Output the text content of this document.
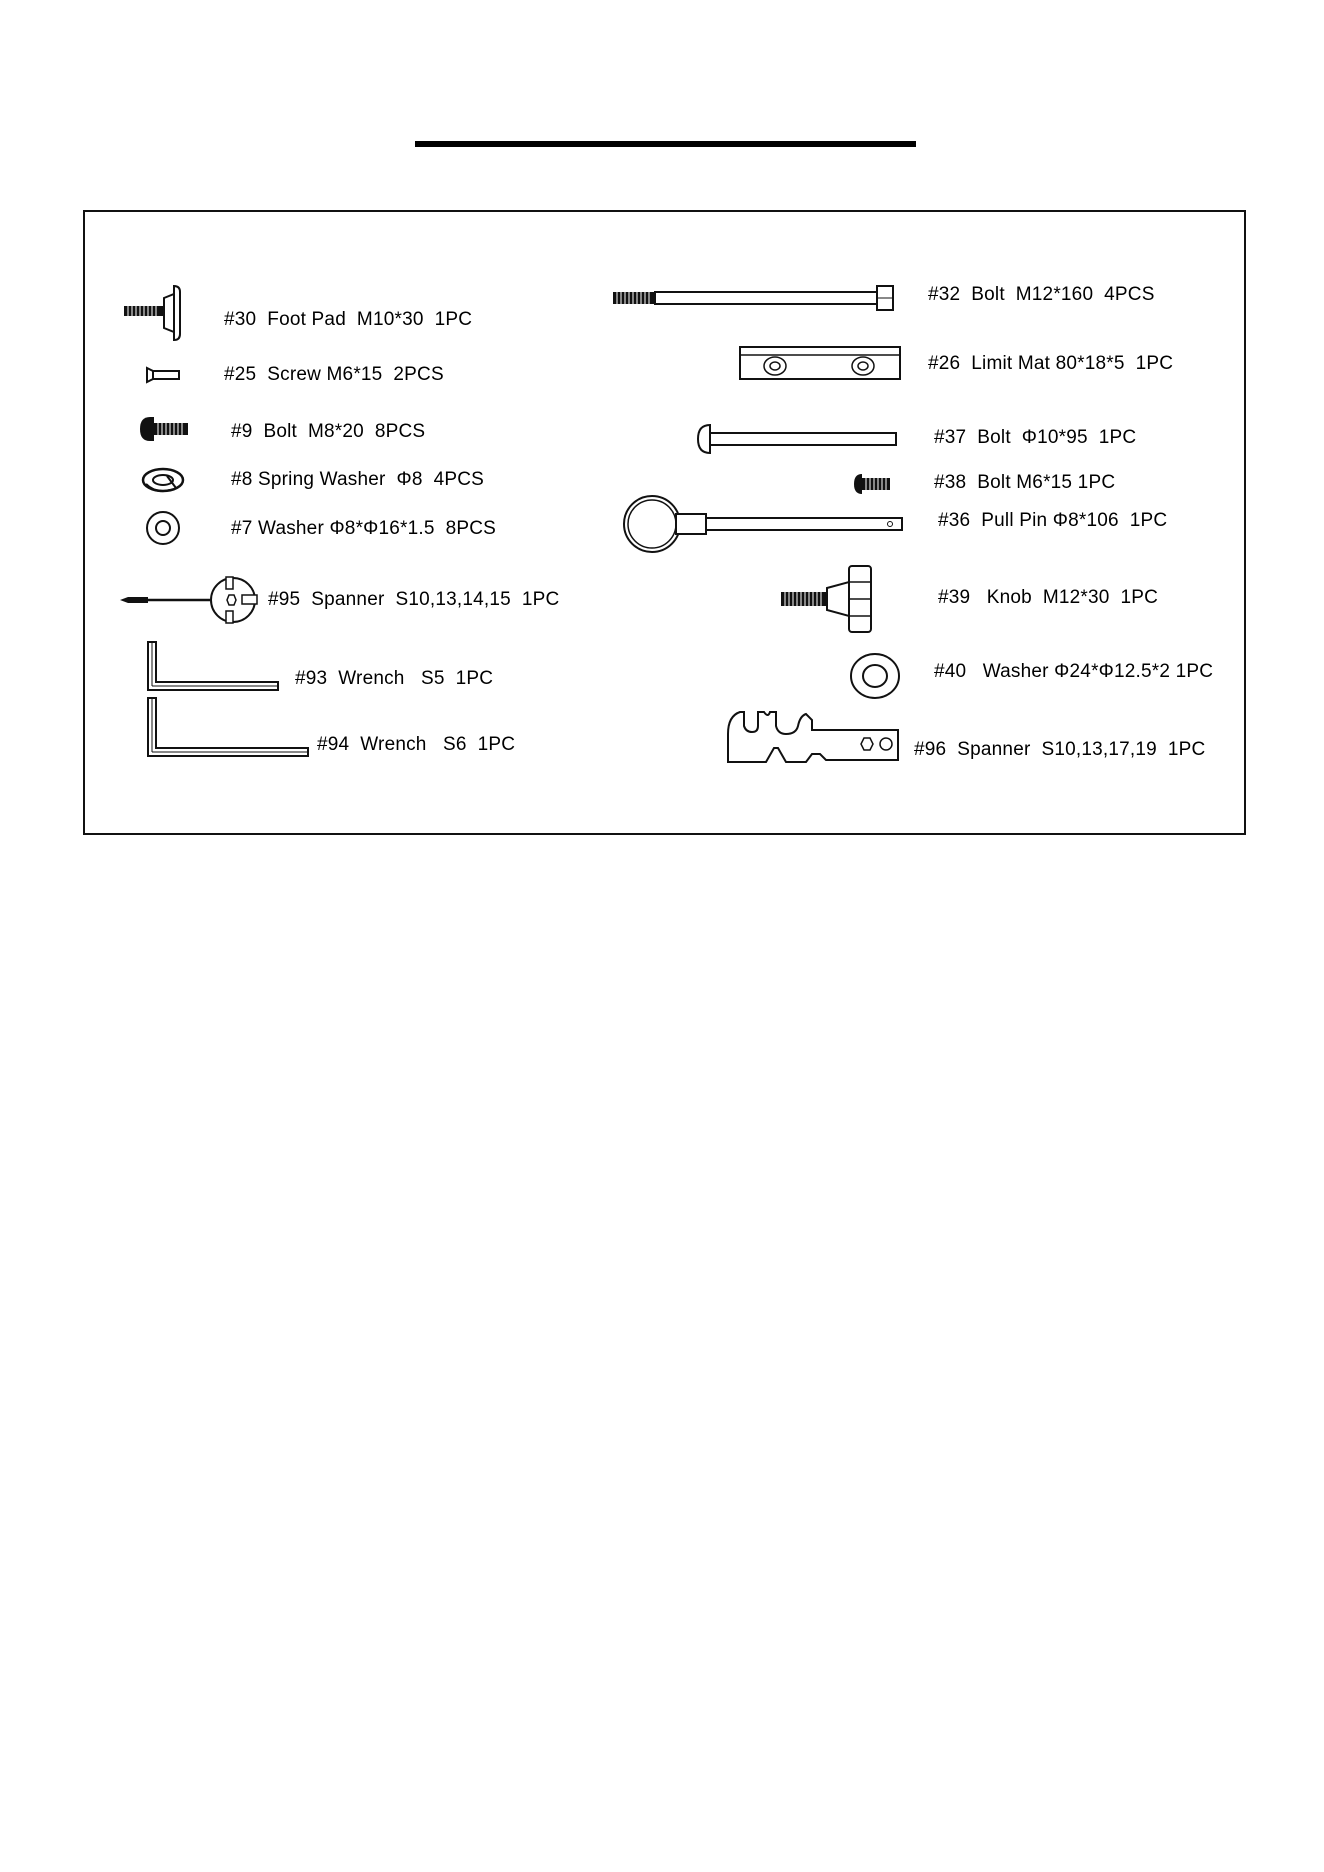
#30  Foot Pad  M10*30  1PC
#25  Screw M6*15  2PCS
#9  Bolt  M8*20  8PCS
#8 Spring Washer  Φ8  4PCS
#7 Washer Φ8*Φ16*1.5  8PCS
#95  Spanner  S10,13,14,15  1PC
#93  Wrench   S5  1PC
#94  Wrench   S6  1PC
#32  Bolt  M12*160  4PCS
#26  Limit Mat 80*18*5  1PC
#37  Bolt  Φ10*95  1PC
#38  Bolt M6*15 1PC
#36  Pull Pin Φ8*106  1PC
#39   Knob  M12*30  1PC
#40   Washer Φ24*Φ12.5*2 1PC
#96  Spanner  S10,13,17,19  1PC
